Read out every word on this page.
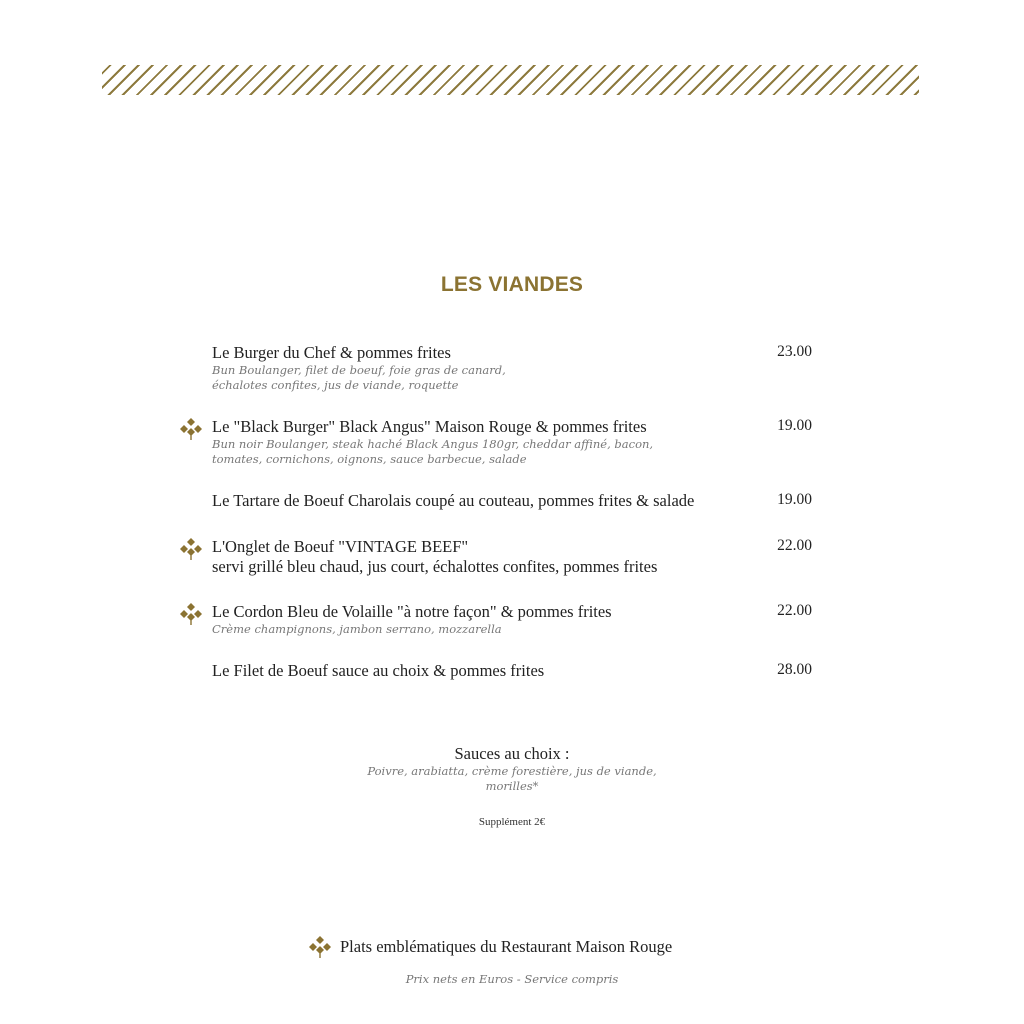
LES VIANDES
Le Burger du Chef & pommes frites
Bun Boulanger, filet de boeuf, foie gras de canard,
échalotes confites, jus de viande, roquette
23.00
Le "Black Burger" Black Angus" Maison Rouge & pommes frites
Bun noir Boulanger, steak haché Black Angus 180gr, cheddar affiné, bacon,
tomates, cornichons, oignons, sauce barbecue, salade
19.00
Le Tartare de Boeuf Charolais coupé au couteau, pommes frites & salade	19.00
L'Onglet de Boeuf "VINTAGE BEEF"
servi grillé bleu chaud, jus court, échalottes confites, pommes frites
22.00
Le Cordon Bleu de Volaille "à notre façon" & pommes frites
Crème champignons, jambon serrano, mozzarella
22.00
Le Filet de Boeuf sauce au choix & pommes frites	28.00
Sauces au choix :
Poivre, arabiatta, crème forestière, jus de viande,
morilles*
Supplément 2€
Plats emblématiques du Restaurant Maison Rouge
Prix nets en Euros - Service compris
